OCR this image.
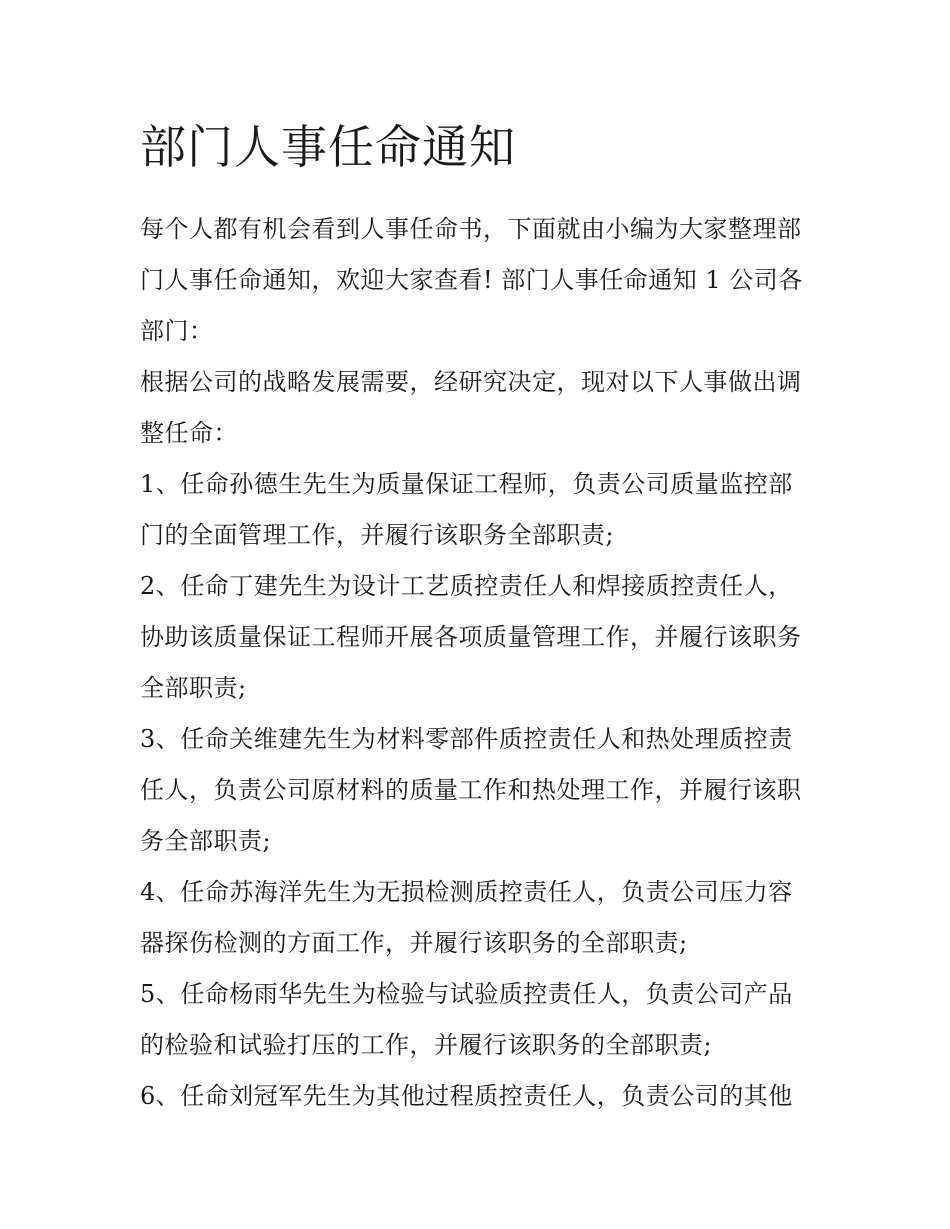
部门人事任命通知

每个人都有机会看到人事任命书，下面就由小编为大家整理部

门人事任命通知，欢迎大家查看! 部门人事任命通知 1 公司各

部门：

根据公司的战略发展需要，经研究决定，现对以下人事做出调

整任命：

1、任命孙德生先生为质量保证工程师，负责公司质量监控部

门的全面管理工作，并履行该职务全部职责;

2、任命丁建先生为设计工艺质控责任人和焊接质控责任人，

协助该质量保证工程师开展各项质量管理工作，并履行该职务

全部职责;

3、任命关维建先生为材料零部件质控责任人和热处理质控责

任人，负责公司原材料的质量工作和热处理工作，并履行该职

务全部职责;

4、任命苏海洋先生为无损检测质控责任人，负责公司压力容

器探伤检测的方面工作，并履行该职务的全部职责;

5、任命杨雨华先生为检验与试验质控责任人，负责公司产品

的检验和试验打压的工作，并履行该职务的全部职责;

6、任命刘冠军先生为其他过程质控责任人，负责公司的其他
